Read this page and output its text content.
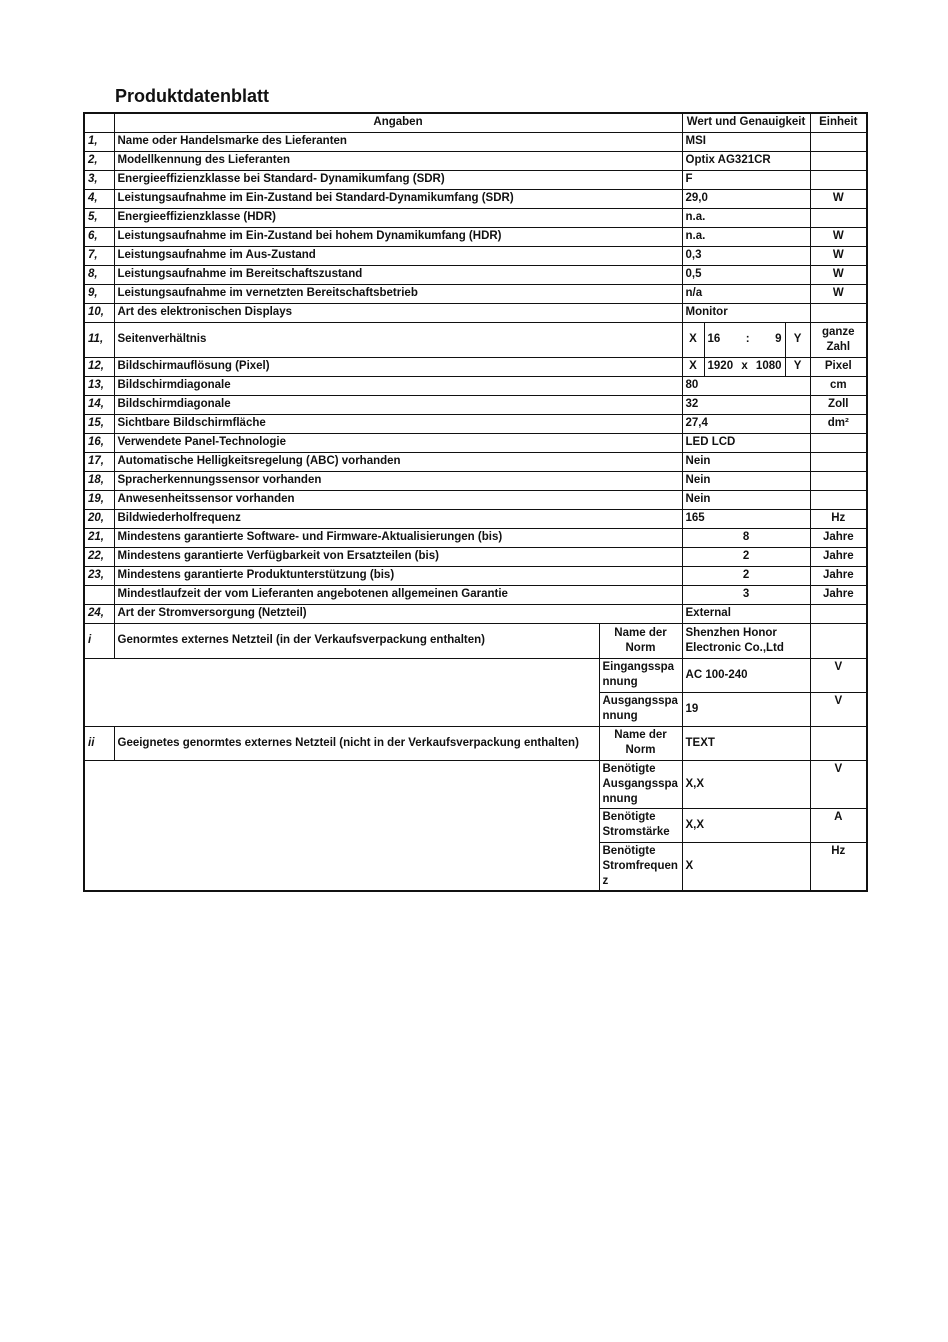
Produktdatenblatt
	Angaben		Wert und Genauigkeit			Einheit
1,	Name oder Handelsmarke des Lieferanten		MSI			
2,	Modellkennung des Lieferanten		Optix AG321CR			
3,	Energieeffizienzklasse bei Standard- Dynamikumfang (SDR)		F			
4,	Leistungsaufnahme im Ein-Zustand bei Standard-Dynamikumfang (SDR)		29,0			W
5,	Energieeffizienzklasse (HDR)		n.a.			
6,	Leistungsaufnahme im Ein-Zustand bei hohem Dynamikumfang (HDR)		n.a.			W
7,	Leistungsaufnahme im Aus-Zustand		0,3			W
8,	Leistungsaufnahme im Bereitschaftszustand		0,5			W
9,	Leistungsaufnahme im vernetzten Bereitschaftsbetrieb		n/a			W
10,	Art des elektronischen Displays		Monitor			
11,	Seitenverhältnis		X	16 : 9	Y	ganze Zahl
12,	Bildschirmauflösung (Pixel)		X	1920 x 1080	Y	Pixel
13,	Bildschirmdiagonale		80			cm
14,	Bildschirmdiagonale		32			Zoll
15,	Sichtbare Bildschirmfläche		27,4			dm²
16,	Verwendete Panel-Technologie		LED LCD			
17,	Automatische Helligkeitsregelung (ABC) vorhanden		Nein			
18,	Spracherkennungssensor vorhanden		Nein			
19,	Anwesenheitssensor vorhanden		Nein			
20,	Bildwiederholfrequenz		165			Hz
21,	Mindestens garantierte Software- und Firmware-Aktualisierungen (bis)		8			Jahre
22,	Mindestens garantierte Verfügbarkeit von Ersatzteilen (bis)		2			Jahre
23,	Mindestens garantierte Produktunterstützung (bis)		2			Jahre
	Mindestlaufzeit der vom Lieferanten angebotenen allgemeinen Garantie		3			Jahre
24,	Art der Stromversorgung (Netzteil)		External			
i	Genormtes externes Netzteil (in der Verkaufsverpackung enthalten)	Name der Norm	Shenzhen Honor Electronic Co.,Ltd			
		Eingangsspannung	AC 100-240			V
		Ausgangsspannung	19			V
ii	Geeignetes genormtes externes Netzteil (nicht in der Verkaufsverpackung enthalten)	Name der Norm	TEXT			
		Benötigte Ausgangsspannung	X,X			V
		Benötigte Stromstärke	X,X			A
		Benötigte Stromfrequenz	X			Hz
